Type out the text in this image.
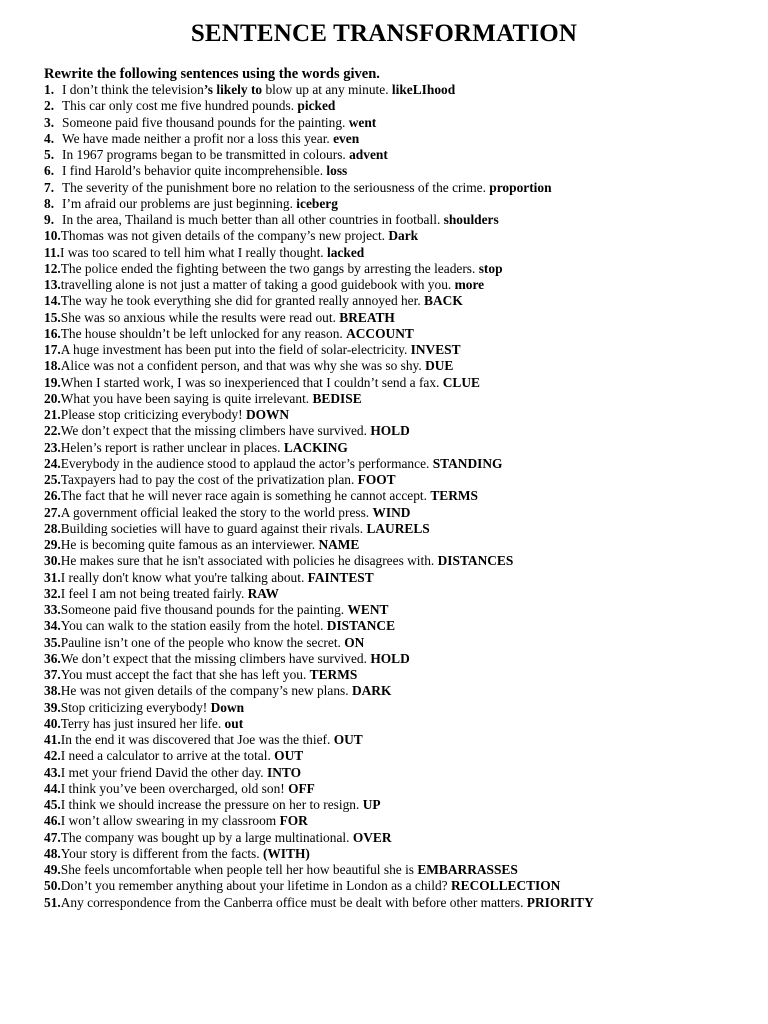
SENTENCE TRANSFORMATION
Rewrite the following sentences using the words given.
1. I don’t think the television’s likely to blow up at any minute. likeLIhood
2. This car only cost me five hundred pounds. picked
3. Someone paid five thousand pounds for the painting. went
4. We have made neither a profit nor a loss this year. even
5. In 1967 programs began to be transmitted in colours. advent
6. I find Harold’s behavior quite incomprehensible. loss
7. The severity of the punishment bore no relation to the seriousness of the crime. proportion
8. I’m afraid our problems are just beginning. iceberg
9. In the area, Thailand is much better than all other countries in football. shoulders
10.Thomas was not given details of the company’s new project. Dark
11.I was too scared to tell him what I really thought. lacked
12.The police ended the fighting between the two gangs by arresting the leaders. stop
13.travelling alone is not just a matter of taking a good guidebook with you. more
14.The way he took everything she did for granted really annoyed her. BACK
15.She was so anxious while the results were read out. BREATH
16.The house shouldn’t be left unlocked for any reason. ACCOUNT
17.A huge investment has been put into the field of solar-electricity. INVEST
18.Alice was not a confident person, and that was why she was so shy. DUE
19.When I started work, I was so inexperienced that I couldn’t send a fax. CLUE
20.What you have been saying is quite irrelevant. BEDISE
21.Please stop criticizing everybody! DOWN
22.We don’t expect that the missing climbers have survived. HOLD
23.Helen’s report is rather unclear in places. LACKING
24.Everybody in the audience stood to applaud the actor’s performance. STANDING
25.Taxpayers had to pay the cost of the privatization plan. FOOT
26.The fact that he will never race again is something he cannot accept. TERMS
27.A government official leaked the story to the world press. WIND
28.Building societies will have to guard against their rivals. LAURELS
29.He is becoming quite famous as an interviewer. NAME
30.He makes sure that he isn't associated with policies he disagrees with. DISTANCES
31.I really don't know what you're talking about. FAINTEST
32.I feel I am not being treated fairly. RAW
33.Someone paid five thousand pounds for the painting. WENT
34.You can walk to the station easily from the hotel. DISTANCE
35.Pauline isn’t one of the people who know the secret. ON
36.We don’t expect that the missing climbers have survived. HOLD
37.You must accept the fact that she has left you. TERMS
38.He was not given details of the company’s new plans. DARK
39.Stop criticizing everybody! Down
40.Terry has just insured her life. out
41.In the end it was discovered that Joe was the thief. OUT
42.I need a calculator to arrive at the total. OUT
43.I met your friend David the other day. INTO
44.I think you’ve been overcharged, old son! OFF
45.I think we should increase the pressure on her to resign. UP
46.I won’t allow swearing in my classroom FOR
47.The company was bought up by a large multinational. OVER
48.Your story is different from the facts. (WITH)
49.She feels uncomfortable when people tell her how beautiful she is EMBARRASSES
50.Don’t you remember anything about your lifetime in London as a child? RECOLLECTION
51.Any correspondence from the Canberra office must be dealt with before other matters. PRIORITY
